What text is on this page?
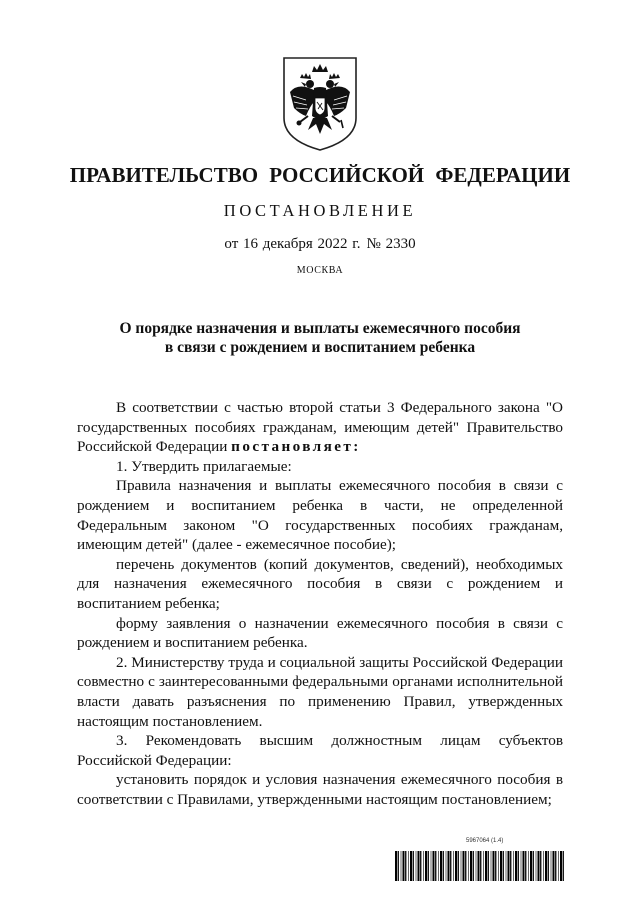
ПРАВИТЕЛЬСТВО РОССИЙСКОЙ ФЕДЕРАЦИИ
ПОСТАНОВЛЕНИЕ
от 16 декабря 2022 г. № 2330
МОСКВА
О порядке назначения и выплаты ежемесячного пособия
в связи с рождением и воспитанием ребенка

В соответствии с частью второй статьи 3 Федерального закона "О государственных пособиях гражданам, имеющим детей" Правительство Российской Федерации постановляет:

1. Утвердить прилагаемые:

Правила назначения и выплаты ежемесячного пособия в связи с рождением и воспитанием ребенка в части, не определенной Федеральным законом "О государственных пособиях гражданам, имеющим детей" (далее - ежемесячное пособие);

перечень документов (копий документов, сведений), необходимых для назначения ежемесячного пособия в связи с рождением и воспитанием ребенка;

форму заявления о назначении ежемесячного пособия в связи с рождением и воспитанием ребенка.

2. Министерству труда и социальной защиты Российской Федерации совместно с заинтересованными федеральными органами исполнительной власти давать разъяснения по применению Правил, утвержденных настоящим постановлением.

3. Рекомендовать высшим должностным лицам субъектов Российской Федерации:

установить порядок и условия назначения ежемесячного пособия в соответствии с Правилами, утвержденными настоящим постановлением;

5967064 (1.4)
